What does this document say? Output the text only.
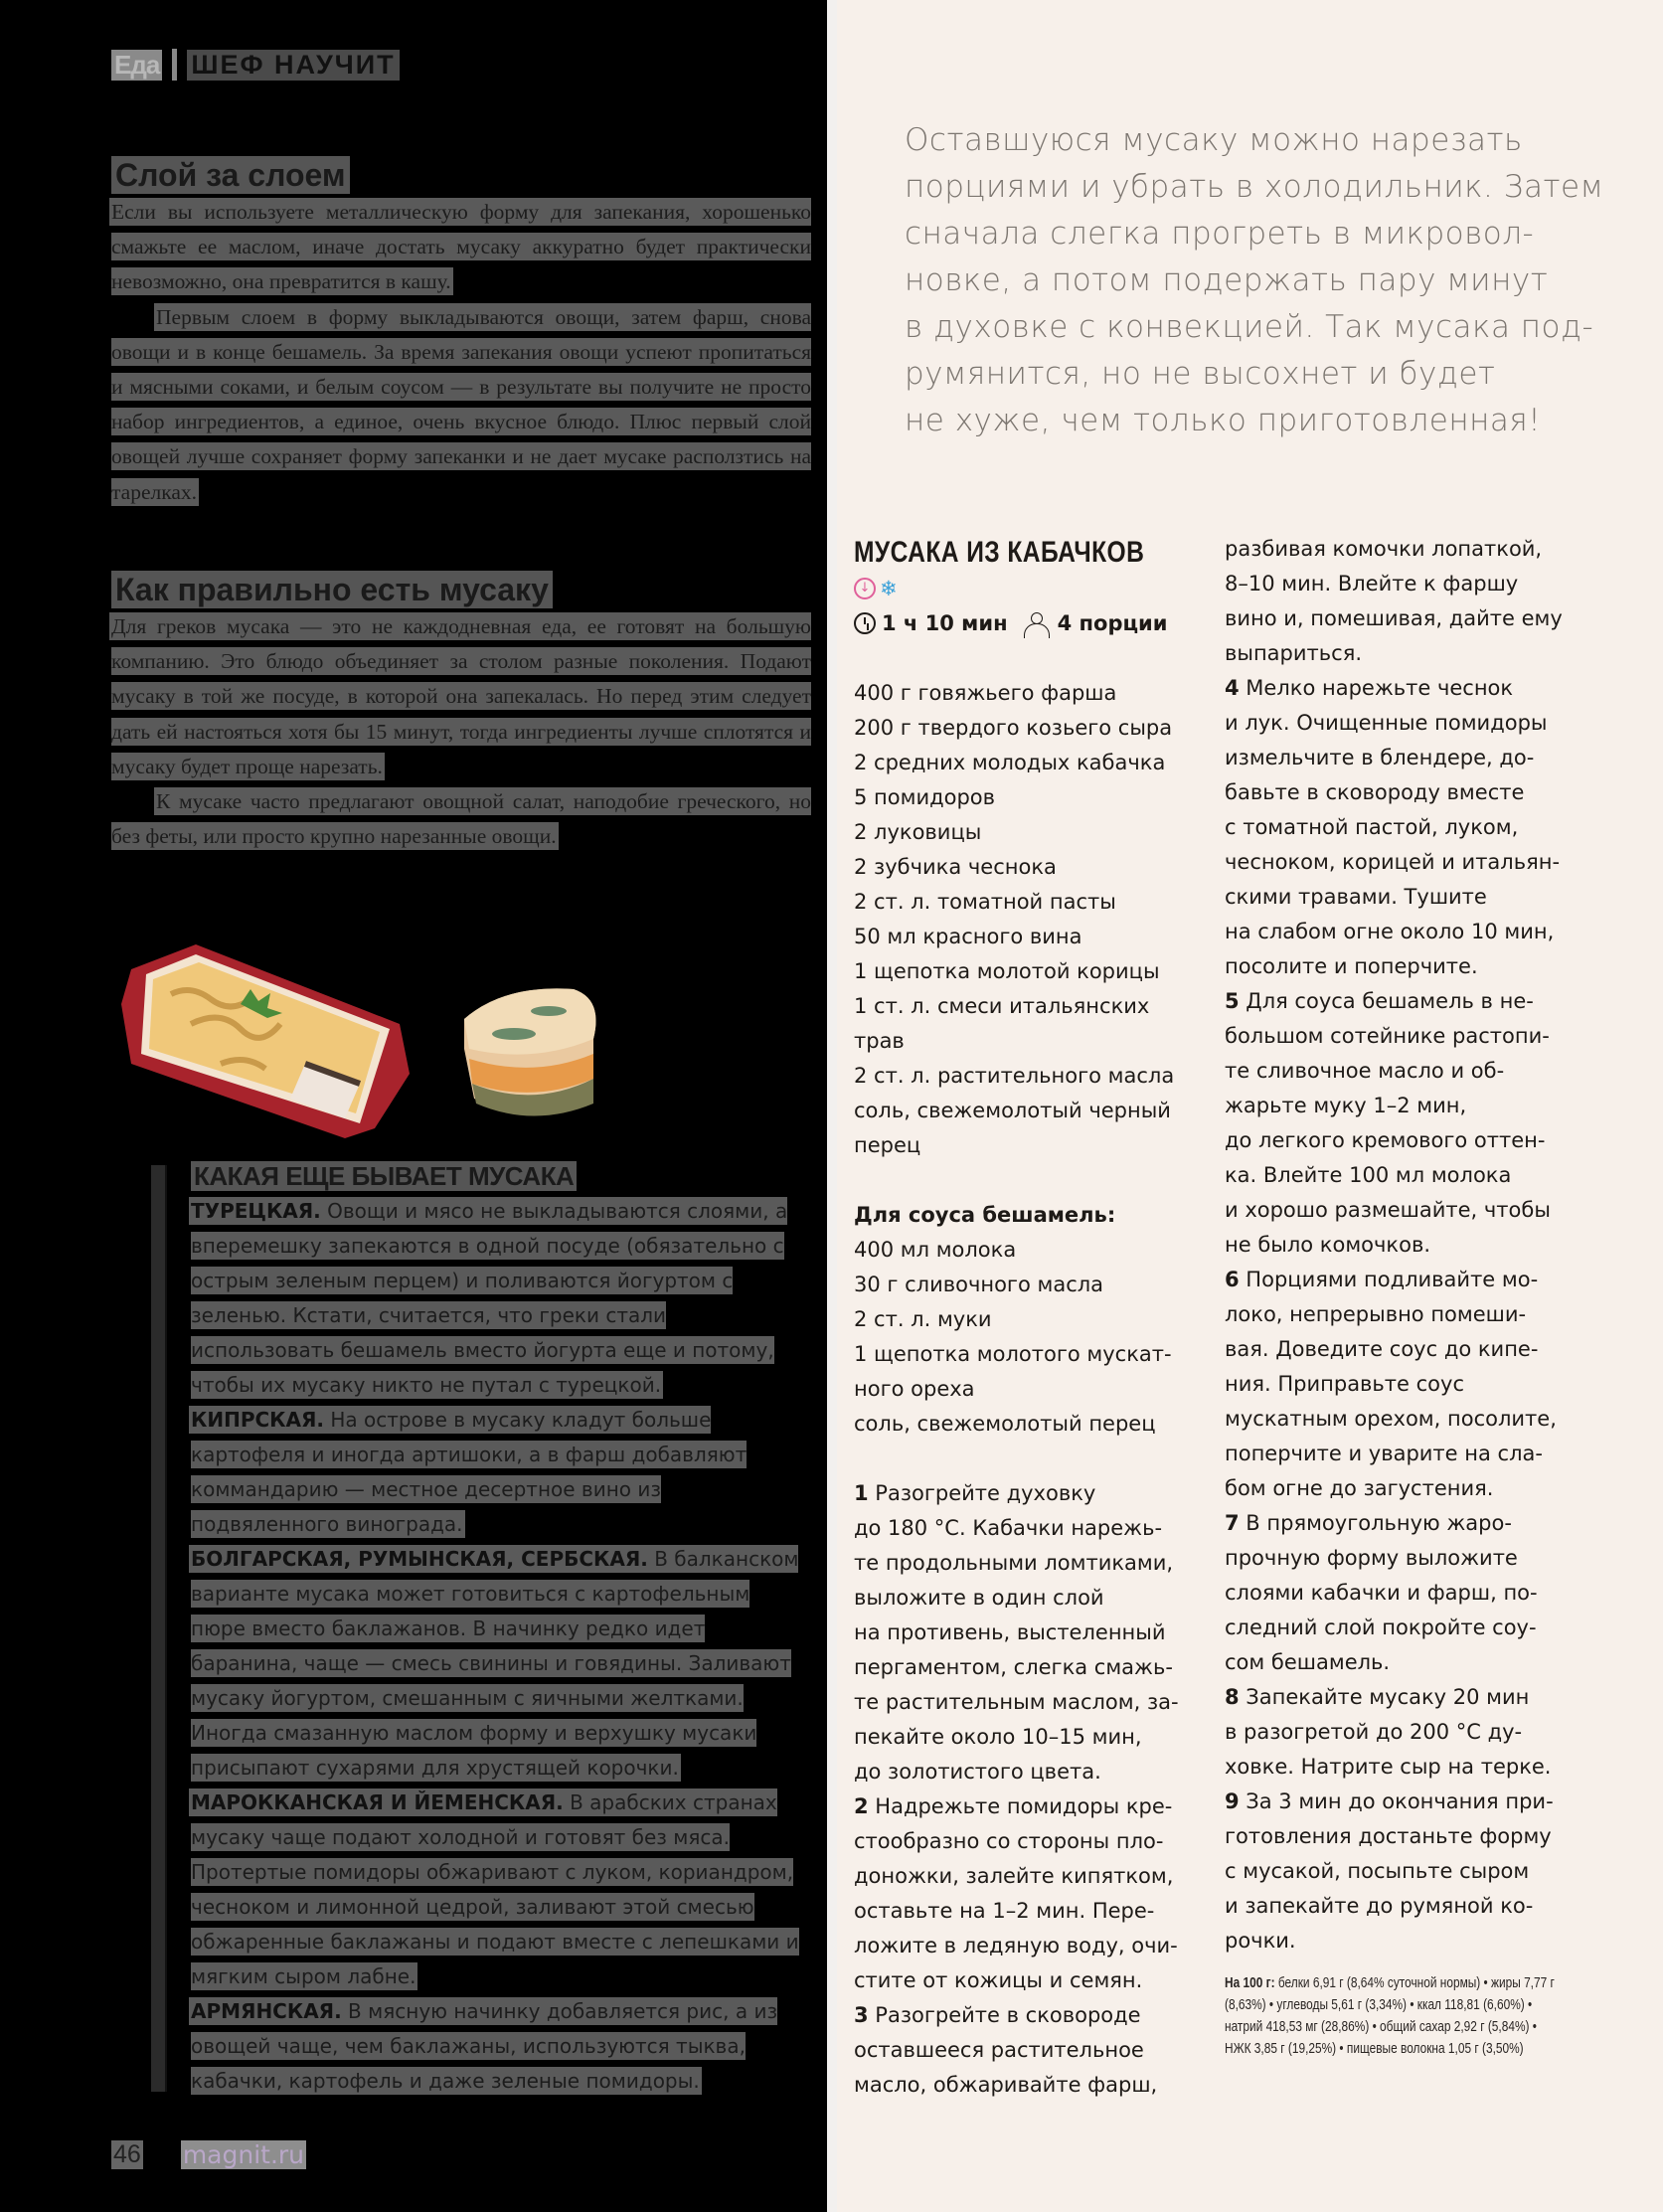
Еда ШЕФ НАУЧИТ
Слой за слоем

Если вы используете металлическую форму для запекания, хорошенько смажьте ее маслом, иначе достать мусаку аккуратно будет практически невозможно, она превратится в кашу.

Первым слоем в форму выкладываются овощи, затем фарш, снова овощи и в конце бешамель. За время запекания овощи успеют пропитаться и мясными соками, и белым соусом — в результате вы получите не просто набор ингредиентов, а единое, очень вкусное блюдо. Плюс первый слой овощей лучше сохраняет форму запеканки и не дает мусаке расползтись на тарелках.

Как правильно есть мусаку

Для греков мусака — это не каждодневная еда, ее готовят на большую компанию. Это блюдо объединяет за столом разные поколения. Подают мусаку в той же посуде, в которой она запекалась. Но перед этим следует дать ей настояться хотя бы 15 минут, тогда ингредиенты лучше сплотятся и мусаку будет проще нарезать.

К мусаке часто предлагают овощной салат, наподобие греческого, но без феты, или просто крупно нарезанные овощи.

КАКАЯ ЕЩЕ БЫВАЕТ МУСАКА

ТУРЕЦКАЯ. Овощи и мясо не выкладываются слоями, а вперемешку запекаются в одной посуде (обязательно с острым зеленым перцем) и поливаются йогуртом с зеленью. Кстати, считается, что греки стали использовать бешамель вместо йогурта еще и потому, чтобы их мусаку никто не путал с турецкой.

КИПРСКАЯ. На острове в мусаку кладут больше картофеля и иногда артишоки, а в фарш добавляют коммандарию — местное десертное вино из подвяленного винограда.

БОЛГАРСКАЯ, РУМЫНСКАЯ, СЕРБСКАЯ. В балканском варианте мусака может готовиться с картофельным пюре вместо баклажанов. В начинку редко идет баранина, чаще — смесь свинины и говядины. Заливают мусаку йогуртом, смешанным с яичными желтками. Иногда смазанную маслом форму и верхушку мусаки присыпают сухарями для хрустящей корочки.

МАРОККАНСКАЯ И ЙЕМЕНСКАЯ. В арабских странах мусаку чаще подают холодной и готовят без мяса. Протертые помидоры обжаривают с луком, кориандром, чесноком и лимонной цедрой, заливают этой смесью обжаренные баклажаны и подают вместе с лепешками и мягким сыром лабне.

АРМЯНСКАЯ. В мясную начинку добавляется рис, а из овощей чаще, чем баклажаны, используются тыква, кабачки, картофель и даже зеленые помидоры.

46 magnit.ru
Оставшуюся мусаку можно нарезать
порциями и убрать в холодильник. Затем
сначала слегка прогреть в микровол-
новке, а потом подержать пару минут
в духовке с конвекцией. Так мусака под-
румянится, но не высохнет и будет
не хуже, чем только приготовленная!
МУСАКА ИЗ КАБАЧКОВ
↓ ❄
1 ч 10 мин 4 порции
400 г говяжьего фарша
200 г твердого козьего сыра
2 средних молодых кабачка
5 помидоров
2 луковицы
2 зубчика чеснока
2 ст. л. томатной пасты
50 мл красного вина
1 щепотка молотой корицы
1 ст. л. смеси итальянских
трав
2 ст. л. растительного масла
соль, свежемолотый черный
перец
Для соуса бешамель:
400 мл молока
30 г сливочного масла
2 ст. л. муки
1 щепотка молотого мускат-
ного ореха
соль, свежемолотый перец
1 Разогрейте духовку
до 180 °C. Кабачки нарежь-
те продольными ломтиками,
выложите в один слой
на противень, выстеленный
пергаментом, слегка смажь-
те растительным маслом, за-
пекайте около 10–15 мин,
до золотистого цвета.
2 Надрежьте помидоры кре-
стообразно со стороны пло-
доножки, залейте кипятком,
оставьте на 1–2 мин. Пере-
ложите в ледяную воду, очи-
стите от кожицы и семян.
3 Разогрейте в сковороде
оставшееся растительное
масло, обжаривайте фарш,
разбивая комочки лопаткой,
8–10 мин. Влейте к фаршу
вино и, помешивая, дайте ему
выпариться.
4 Мелко нарежьте чеснок
и лук. Очищенные помидоры
измельчите в блендере, до-
бавьте в сковороду вместе
с томатной пастой, луком,
чесноком, корицей и итальян-
скими травами. Тушите
на слабом огне около 10 мин,
посолите и поперчите.
5 Для соуса бешамель в не-
большом сотейнике растопи-
те сливочное масло и об-
жарьте муку 1–2 мин,
до легкого кремового оттен-
ка. Влейте 100 мл молока
и хорошо размешайте, чтобы
не было комочков.
6 Порциями подливайте мо-
локо, непрерывно помеши-
вая. Доведите соус до кипе-
ния. Приправьте соус
мускатным орехом, посолите,
поперчите и уварите на сла-
бом огне до загустения.
7 В прямоугольную жаро-
прочную форму выложите
слоями кабачки и фарш, по-
следний слой покройте соу-
сом бешамель.
8 Запекайте мусаку 20 мин
в разогретой до 200 °C ду-
ховке. Натрите сыр на терке.
9 За 3 мин до окончания при-
готовления достаньте форму
с мусакой, посыпьте сыром
и запекайте до румяной ко-
рочки.
На 100 г: белки 6,91 г (8,64% суточной нормы) • жиры 7,77 г
(8,63%) • углеводы 5,61 г (3,34%) • ккал 118,81 (6,60%) •
натрий 418,53 мг (28,86%) • общий сахар 2,92 г (5,84%) •
НЖК 3,85 г (19,25%) • пищевые волокна 1,05 г (3,50%)
